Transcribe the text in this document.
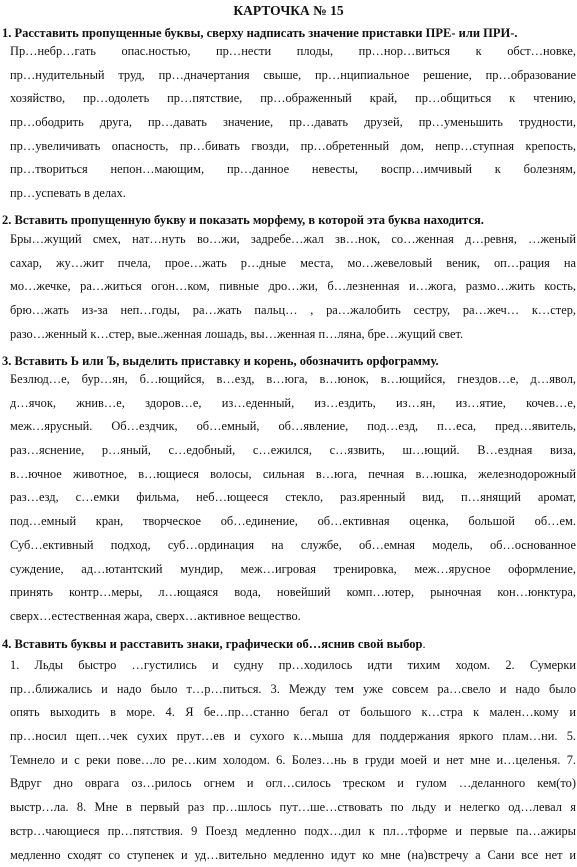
КАРТОЧКА № 15
1. Расставить пропущенные буквы, сверху надписать значение приставки ПРЕ- или ПРИ-.
Пр…небр…гать опас.ностью, пр…нести плоды, пр…нор…виться к обст…новке,
пр…нудительный труд, пр…дначертания свыше, пр…нципиальное решение, пр…образование
хозяйство, пр…одолеть пр…пятствие, пр…ображенный край, пр…общиться к чтению,
пр…ободрить друга, пр…давать значение, пр…давать друзей, пр…уменьшить трудности,
пр…увеличивать опасность, пр…бивать гвозди, пр…обретенный дом, непр…ступная крепость,
пр…твориться непон…мающим, пр…данное невесты, воспр…имчивый к болезням,
пр…успевать в делах.
2. Вставить пропущенную букву и показать морфему, в которой эта буква находится.
Бры…жущий смех, нат…нуть во…жи, задребе…жал зв…нок, со…женная д…ревня, …женый
сахар, жу…жит пчела, прое…жать р…дные места, мо…жевеловый веник, оп…рация на
мо…жечке, ра…житься огон…ком, пивные дро…жи, б…лезненная и…жога, размо…жить кость,
брю…жать из-за неп…годы, ра…жать пальц… , ра…жалобить сестру, ра…жеч… к…стер,
разо…женный к…стер, вые..женная лошадь, вы…женная п…ляна, бре…жущий свет.
3. Вставить Ь или Ъ, выделить приставку и корень, обозначить орфограмму.
Безлюд…е, бур…ян, б…ющийся, в…езд, в…юга, в…юнок, в…ющийся, гнездов…е, д…явол,
д…ячок, жнив…е, здоров…е, из…еденный, из…ездить, из…ян, из…ятие, кочев…е,
меж…ярусный. Об…ездчик, об…емный, об…явление, под…езд, п…еса, пред…явитель,
раз…яснение, р…яный, с…едобный, с…ежился, с…язвить, ш…ющий. В…ездная виза,
в…ючное животное, в…ющиеся волосы, сильная в…юга, печная в…юшка, железнодорожный
раз…езд, с…емки фильма, неб…ющееся стекло, раз.яренный вид, п…янящий аромат,
под…емный кран, творческое об…единение, об…ективная оценка, большой об…ем.
Суб…ективный подход, суб…ординация на службе, об…емная модель, об…основанное
суждение, ад…ютантский мундир, меж…игровая тренировка, меж…ярусное оформление,
принять контр…меры, л…ющаяся вода, новейший комп…ютер, рыночная кон…юнктура,
сверх…естественная жара, сверх…активное вещество.
4. Вставить буквы и расставить знаки, графически об…яснив свой выбор.
1. Льды быстро …густились и судну пр…ходилось идти тихим ходом. 2. Сумерки
пр…ближались и надо было т…р…питься. 3. Между тем уже совсем ра…свело и надо было
опять выходить в море. 4. Я бе…пр…станно бегал от большого к…стра к мален…кому и
пр…носил щеп…чек сухих прут…ев и сухого к…мыша для поддержания яркого плам…ни. 5.
Темнело и с реки пове…ло ре…ким холодом. 6. Болез…нь в груди моей и нет мне и…целенья. 7.
Вдруг дно оврага оз…рилось огнем и огл…силось треском и гулом …деланного кем(то)
выстр…ла. 8. Мне в первый раз пр…шлось пут…ше…ствовать по льду и нелегко од…левал я
встр…чающиеся пр…пятствия. 9 Поезд медленно подх…дил к пл…тформе и первые па…ажиры
медленно сходят со ступенек и уд…вительно медленно идут ко мне (на)встречу а Сани все нет и
